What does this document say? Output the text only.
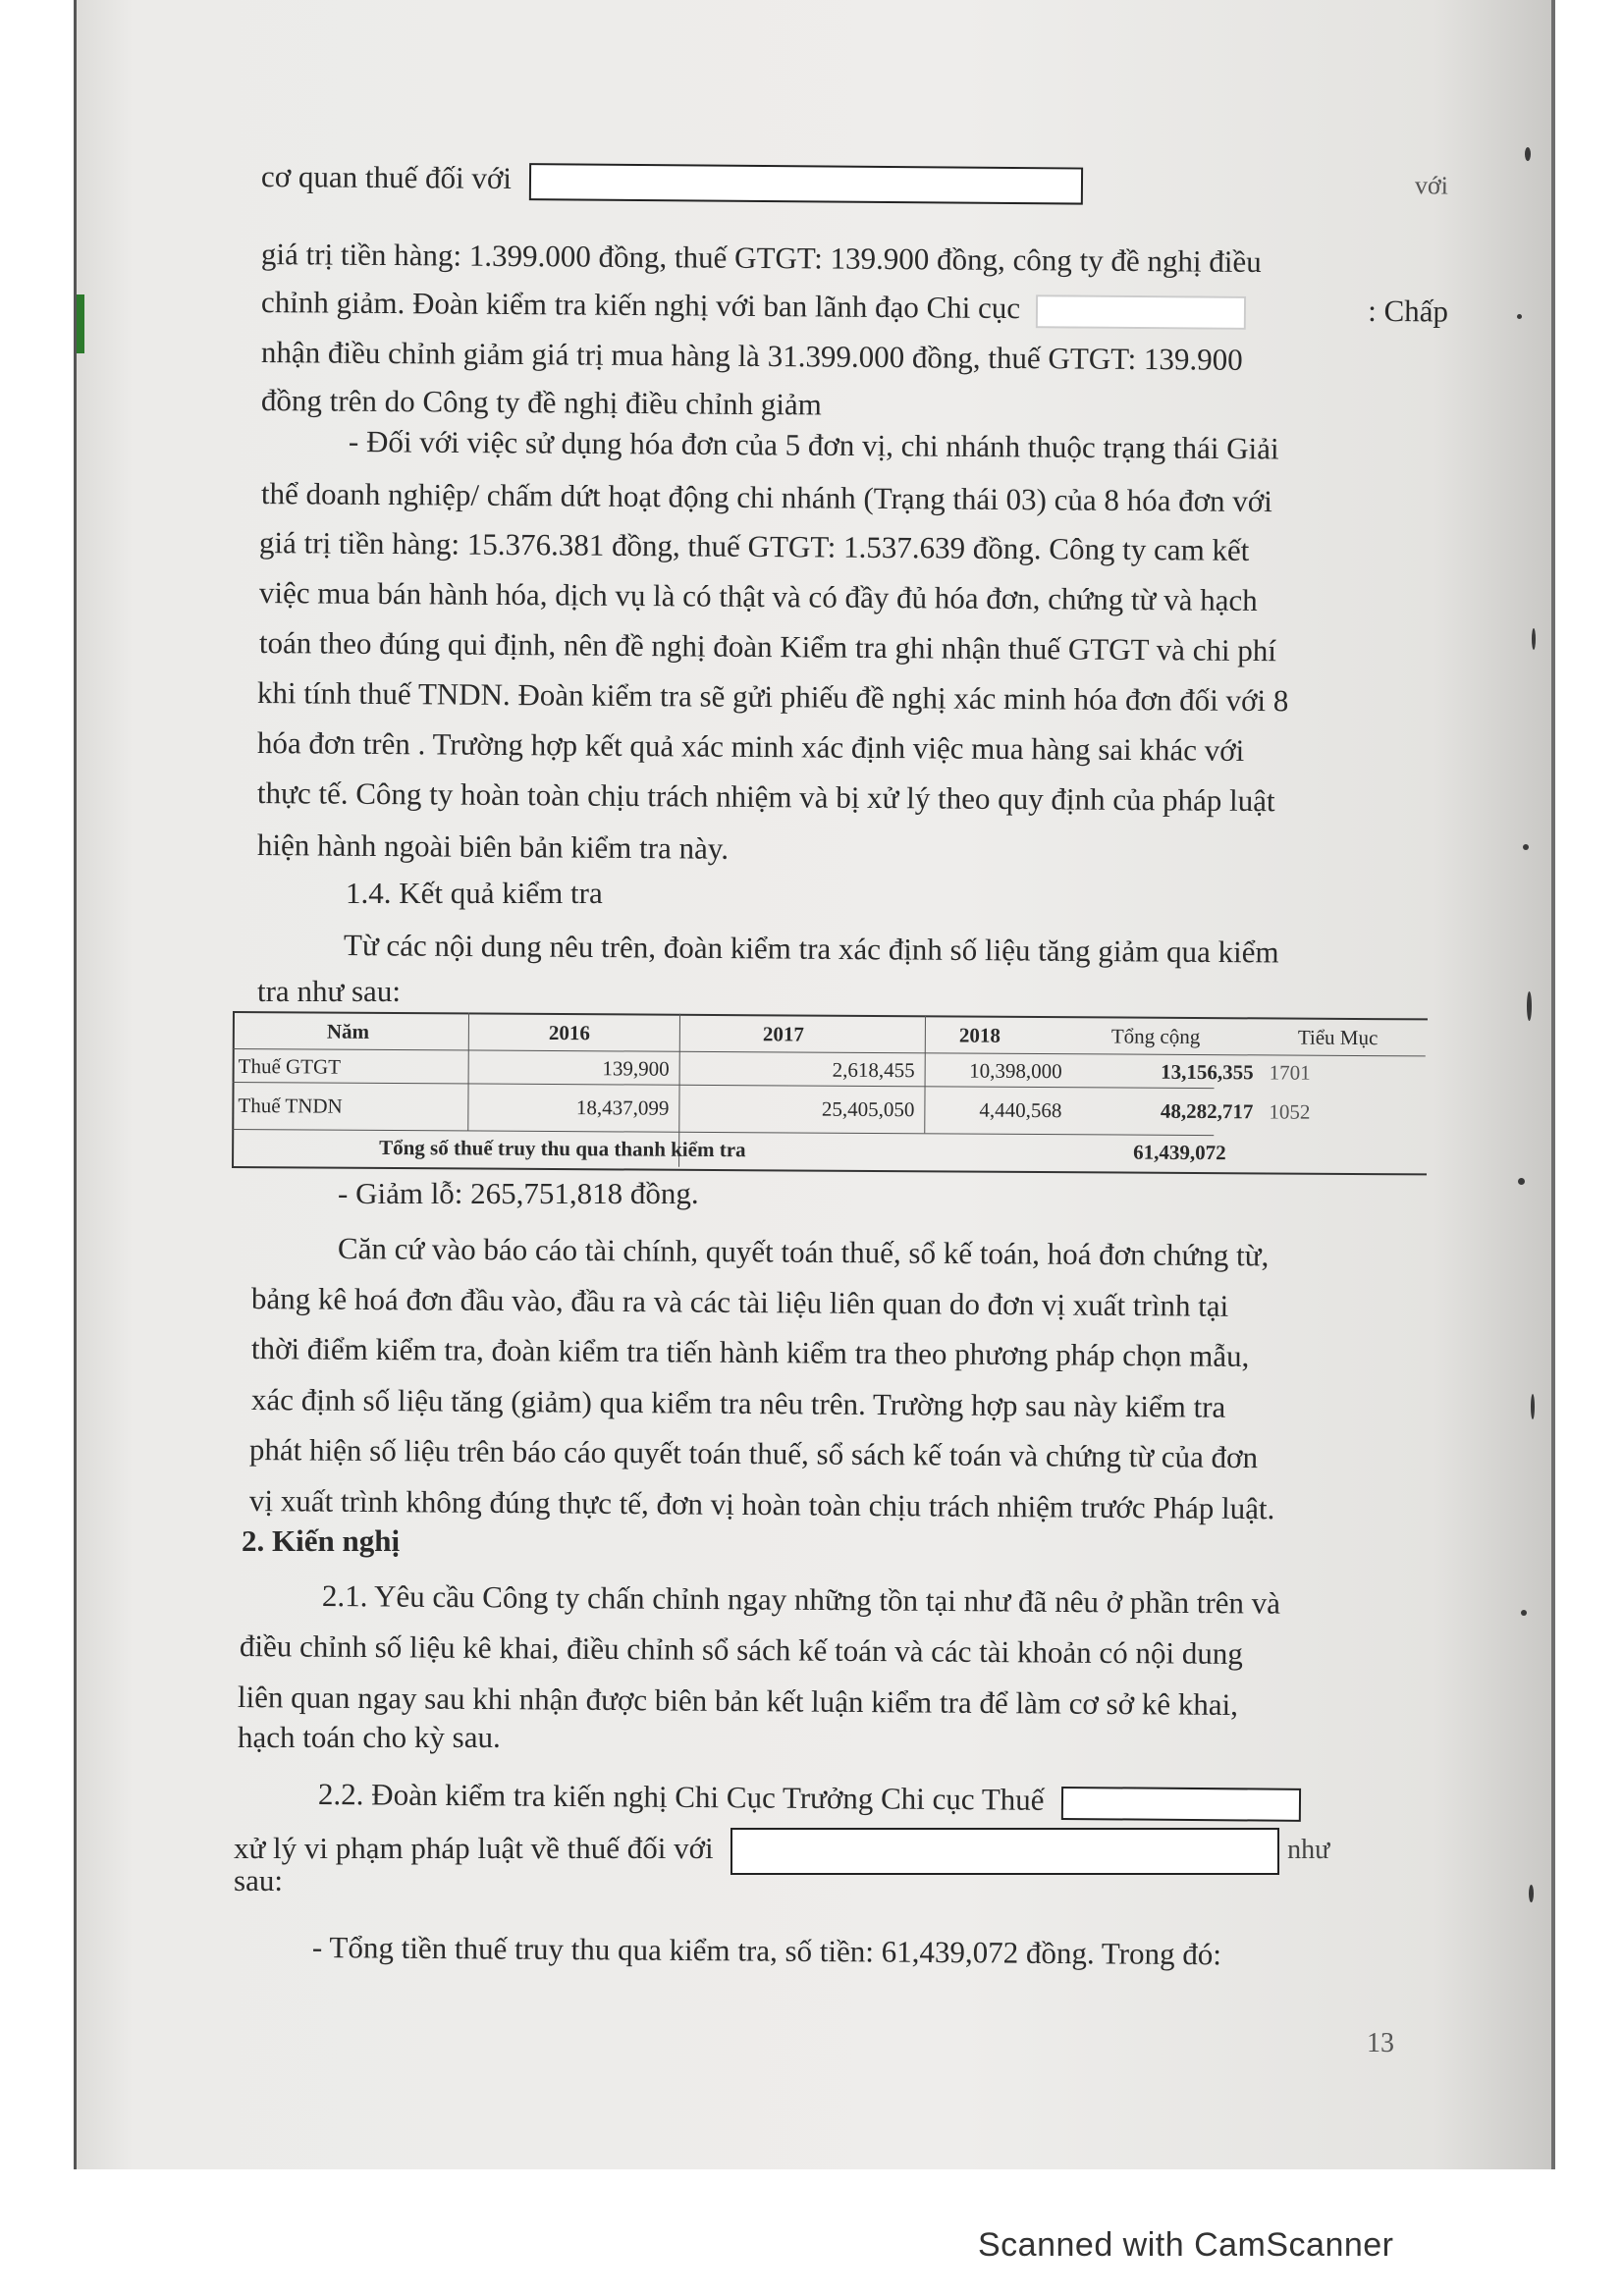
cơ quan thuế đối với	với
giá trị tiền hàng: 1.399.000 đồng, thuế GTGT: 139.900 đồng, công ty đề nghị điều
chỉnh giảm. Đoàn kiểm tra kiến nghị với ban lãnh đạo Chi cục	: Chấp
nhận điều chỉnh giảm giá trị mua hàng là 31.399.000 đồng, thuế GTGT: 139.900
đồng trên do Công ty đề nghị điều chỉnh giảm
- Đối với việc sử dụng hóa đơn của 5 đơn vị, chi nhánh thuộc trạng thái Giải
thể doanh nghiệp/ chấm dứt hoạt động chi nhánh (Trạng thái 03) của 8 hóa đơn với
giá trị tiền hàng: 15.376.381 đồng, thuế GTGT: 1.537.639 đồng. Công ty cam kết
việc mua bán hành hóa, dịch vụ là có thật và có đầy đủ hóa đơn, chứng từ và hạch
toán theo đúng qui định, nên đề nghị đoàn Kiểm tra ghi nhận thuế GTGT và chi phí
khi tính thuế TNDN. Đoàn kiểm tra sẽ gửi phiếu đề nghị xác minh hóa đơn đối với 8
hóa đơn trên . Trường hợp kết quả xác minh xác định việc mua hàng sai khác với
thực tế. Công ty hoàn toàn chịu trách nhiệm và bị xử lý theo quy định của pháp luật
hiện hành ngoài biên bản kiểm tra này.
1.4. Kết quả kiểm tra
Từ các nội dung nêu trên, đoàn kiểm tra xác định số liệu tăng giảm qua kiểm
tra như sau:
Năm	2016	2017	2018	Tổng cộng	Tiểu Mục
Thuế GTGT	139,900	2,618,455	10,398,000	13,156,355 1701
Thuế TNDN	18,437,099	25,405,050	4,440,568	48,282,717 1052
Tổng số thuế truy thu qua thanh kiểm tra	61,439,072
- Giảm lỗ: 265,751,818 đồng.
Căn cứ vào báo cáo tài chính, quyết toán thuế, sổ kế toán, hoá đơn chứng từ,
bảng kê hoá đơn đầu vào, đầu ra và các tài liệu liên quan do đơn vị xuất trình tại
thời điểm kiểm tra, đoàn kiểm tra tiến hành kiểm tra theo phương pháp chọn mẫu,
xác định số liệu tăng (giảm) qua kiểm tra nêu trên. Trường hợp sau này kiểm tra
phát hiện số liệu trên báo cáo quyết toán thuế, sổ sách kế toán và chứng từ của đơn
vị xuất trình không đúng thực tế, đơn vị hoàn toàn chịu trách nhiệm trước Pháp luật.
2. Kiến nghị
2.1. Yêu cầu Công ty chấn chỉnh ngay những tồn tại như đã nêu ở phần trên và
điều chỉnh số liệu kê khai, điều chỉnh sổ sách kế toán và các tài khoản có nội dung
liên quan ngay sau khi nhận được biên bản kết luận kiểm tra để làm cơ sở kê khai,
hạch toán cho kỳ sau.
2.2. Đoàn kiểm tra kiến nghị Chi Cục Trưởng Chi cục Thuế
xử lý vi phạm pháp luật về thuế đối với	như
sau:
- Tổng tiền thuế truy thu qua kiểm tra, số tiền: 61,439,072 đồng. Trong đó:
13
Scanned with CamScanner
